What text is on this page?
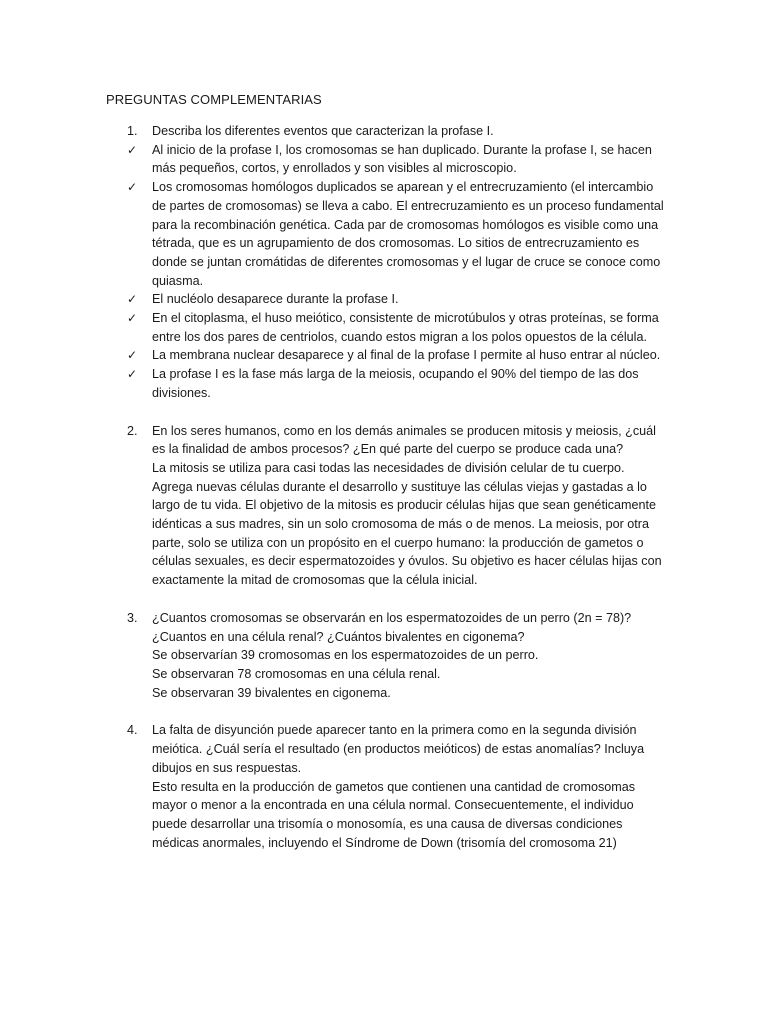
PREGUNTAS COMPLEMENTARIAS
1.	Describa los diferentes eventos que caracterizan la profase I.
✓	Al inicio de la profase I, los cromosomas se han duplicado. Durante la profase I, se hacen más pequeños, cortos, y enrollados y son visibles al microscopio.
✓	Los cromosomas homólogos duplicados se aparean y el entrecruzamiento (el intercambio de partes de cromosomas) se lleva a cabo. El entrecruzamiento es un proceso fundamental para la recombinación genética. Cada par de cromosomas homólogos es visible como una tétrada, que es un agrupamiento de dos cromosomas. Lo sitios de entrecruzamiento es donde se juntan cromátidas de diferentes cromosomas y el lugar de cruce se conoce como quiasma.
✓	El nucléolo desaparece durante la profase I.
✓	En el citoplasma, el huso meiótico, consistente de microtúbulos y otras proteínas, se forma entre los dos pares de centriolos, cuando estos migran a los polos opuestos de la célula.
✓	La membrana nuclear desaparece y al final de la profase I permite al huso entrar al núcleo.
✓	La profase I es la fase más larga de la meiosis, ocupando el 90% del tiempo de las dos divisiones.
2.	En los seres humanos, como en los demás animales se producen mitosis y meiosis, ¿cuál es la finalidad de ambos procesos? ¿En qué parte del cuerpo se produce cada una?
La mitosis se utiliza para casi todas las necesidades de división celular de tu cuerpo. Agrega nuevas células durante el desarrollo y sustituye las células viejas y gastadas a lo largo de tu vida. El objetivo de la mitosis es producir células hijas que sean genéticamente idénticas a sus madres, sin un solo cromosoma de más o de menos. La meiosis, por otra parte, solo se utiliza con un propósito en el cuerpo humano: la producción de gametos o células sexuales, es decir espermatozoides y óvulos. Su objetivo es hacer células hijas con exactamente la mitad de cromosomas que la célula inicial.
3.	¿Cuantos cromosomas se observarán en los espermatozoides de un perro (2n = 78)?
¿Cuantos en una célula renal? ¿Cuántos bivalentes en cigonema?
Se observarían 39 cromosomas en los espermatozoides de un perro.
Se observaran 78 cromosomas en una célula renal.
Se observaran 39 bivalentes en cigonema.
4.	La falta de disyunción puede aparecer tanto en la primera como en la segunda división meiótica. ¿Cuál sería el resultado (en productos meióticos) de estas anomalías? Incluya dibujos en sus respuestas.
Esto resulta en la producción de gametos que contienen una cantidad de cromosomas mayor o menor a la encontrada en una célula normal. Consecuentemente, el individuo puede desarrollar una trisomía o monosomía, es una causa de diversas condiciones médicas anormales, incluyendo el Síndrome de Down (trisomía del cromosoma 21)
